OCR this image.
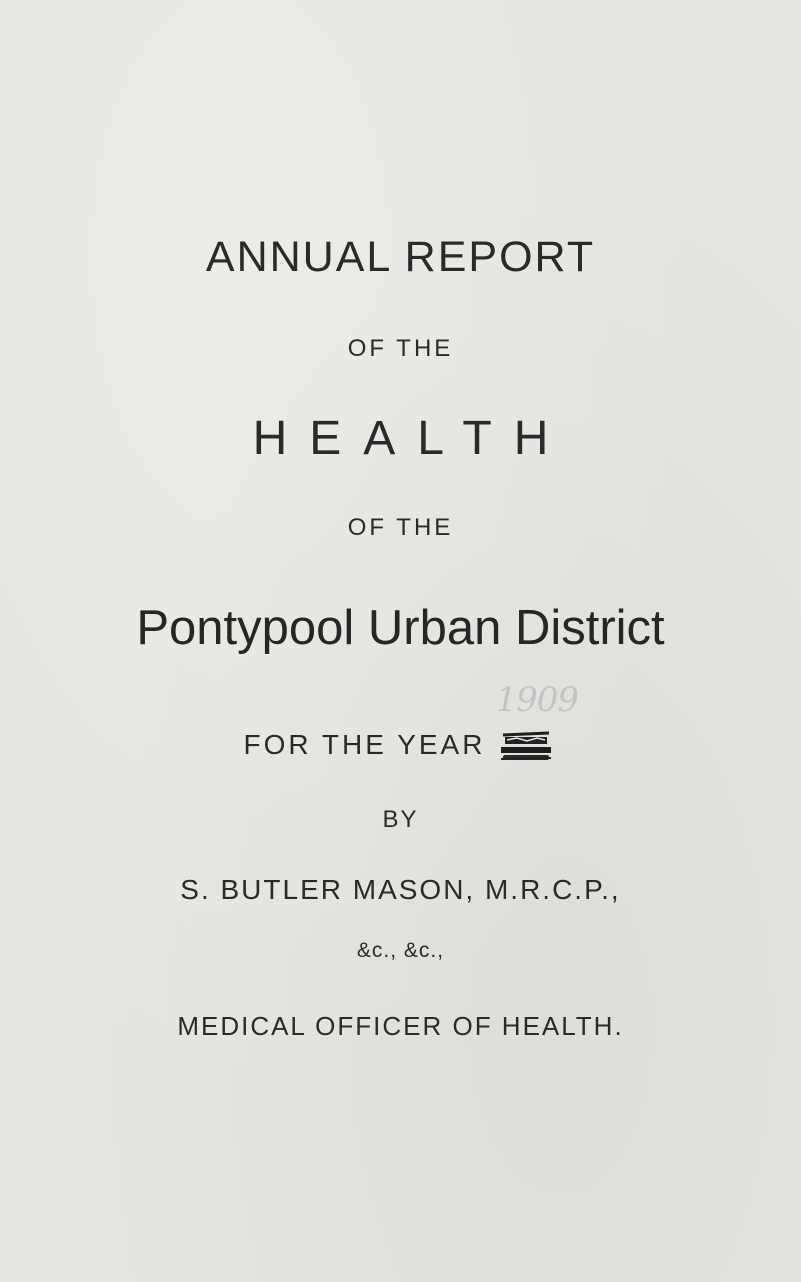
ANNUAL REPORT
OF THE
HEALTH
OF THE
Pontypool Urban District
FOR THE YEAR
1909
BY
S. BUTLER MASON, M.R.C.P.,
&c., &c.,
MEDICAL OFFICER OF HEALTH.
